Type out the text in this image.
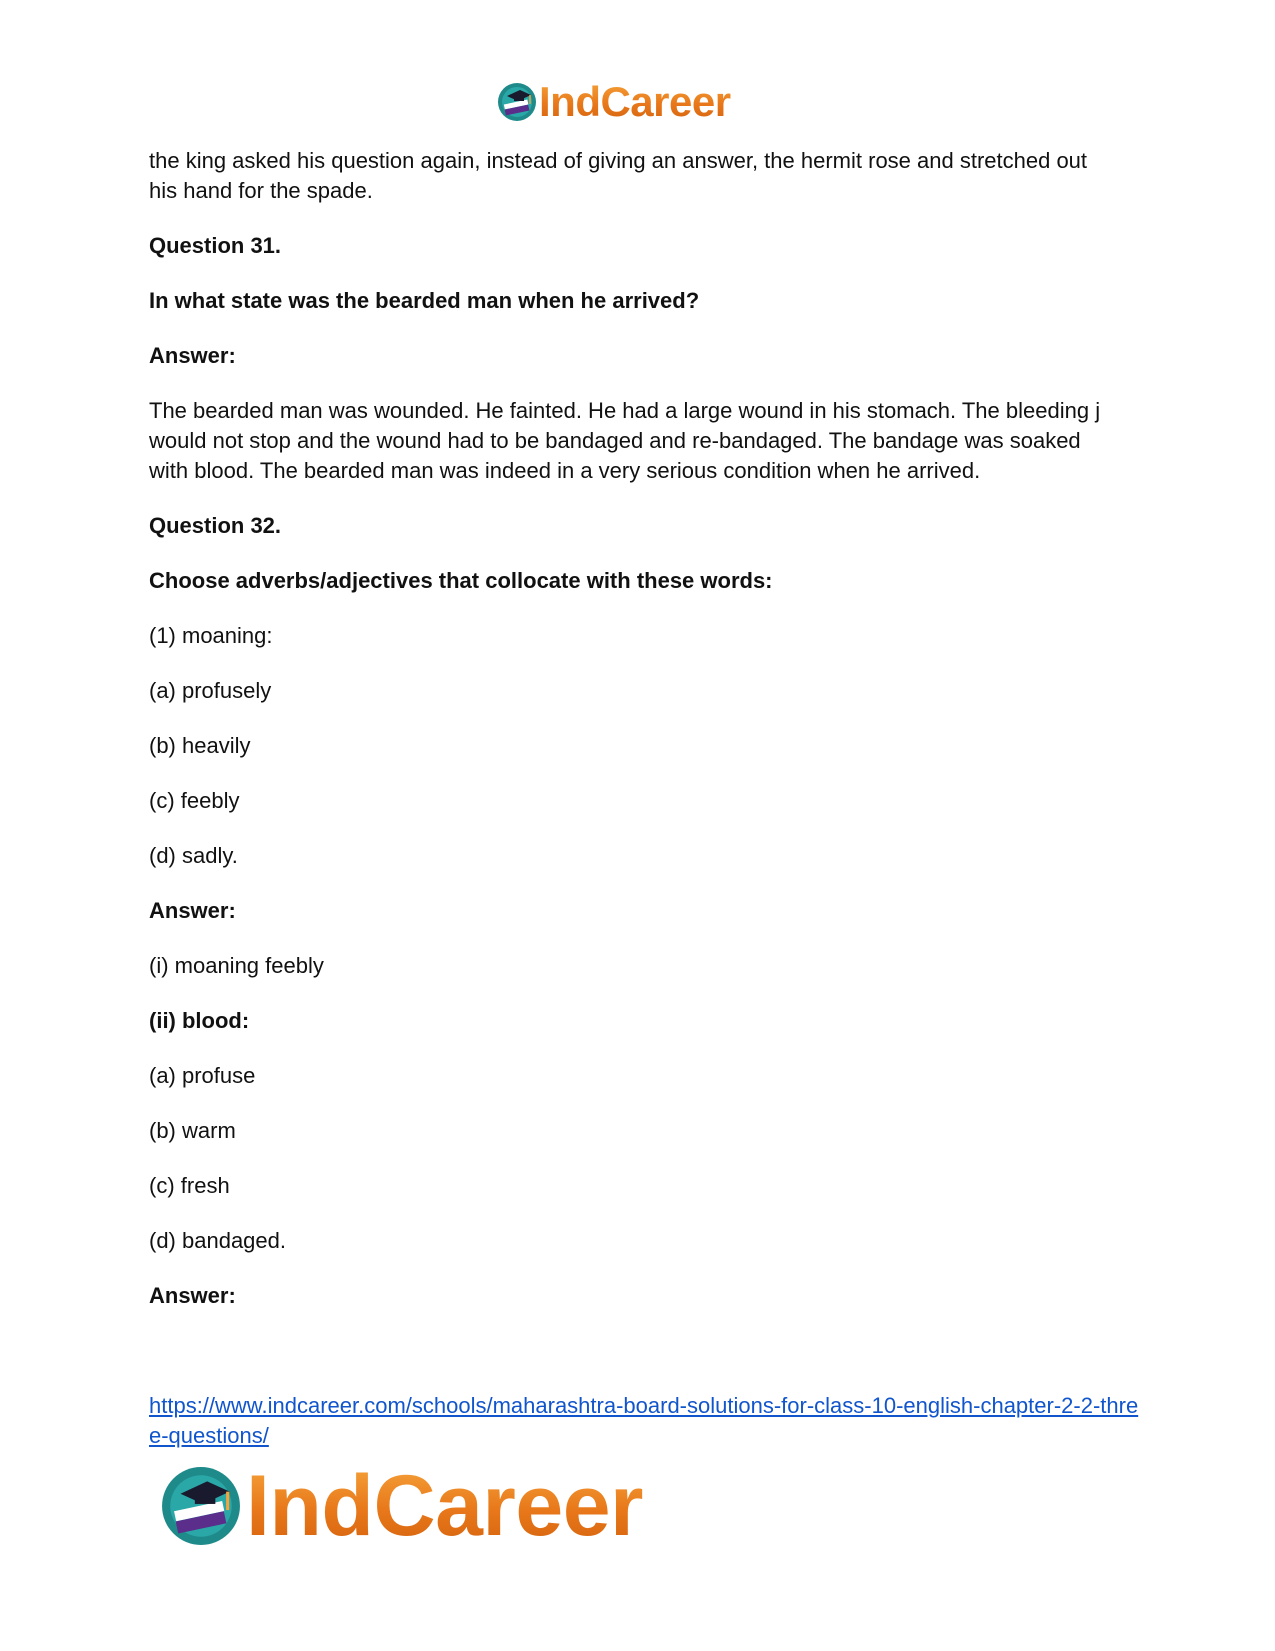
IndCareer

the king asked his question again, instead of giving an answer, the hermit rose and stretched out his hand for the spade.

Question 31.

In what state was the bearded man when he arrived?

Answer:

The bearded man was wounded. He fainted. He had a large wound in his stomach. The bleeding j would not stop and the wound had to be bandaged and re-bandaged. The bandage was soaked with blood. The bearded man was indeed in a very serious condition when he arrived.

Question 32.

Choose adverbs/adjectives that collocate with these words:

(1) moaning:

(a) profusely

(b) heavily

(c) feebly

(d) sadly.

Answer:

(i) moaning feebly

(ii) blood:

(a) profuse

(b) warm

(c) fresh

(d) bandaged.

Answer:

https://www.indcareer.com/schools/maharashtra-board-solutions-for-class-10-english-chapter-2-2-three-questions/
IndCareer
